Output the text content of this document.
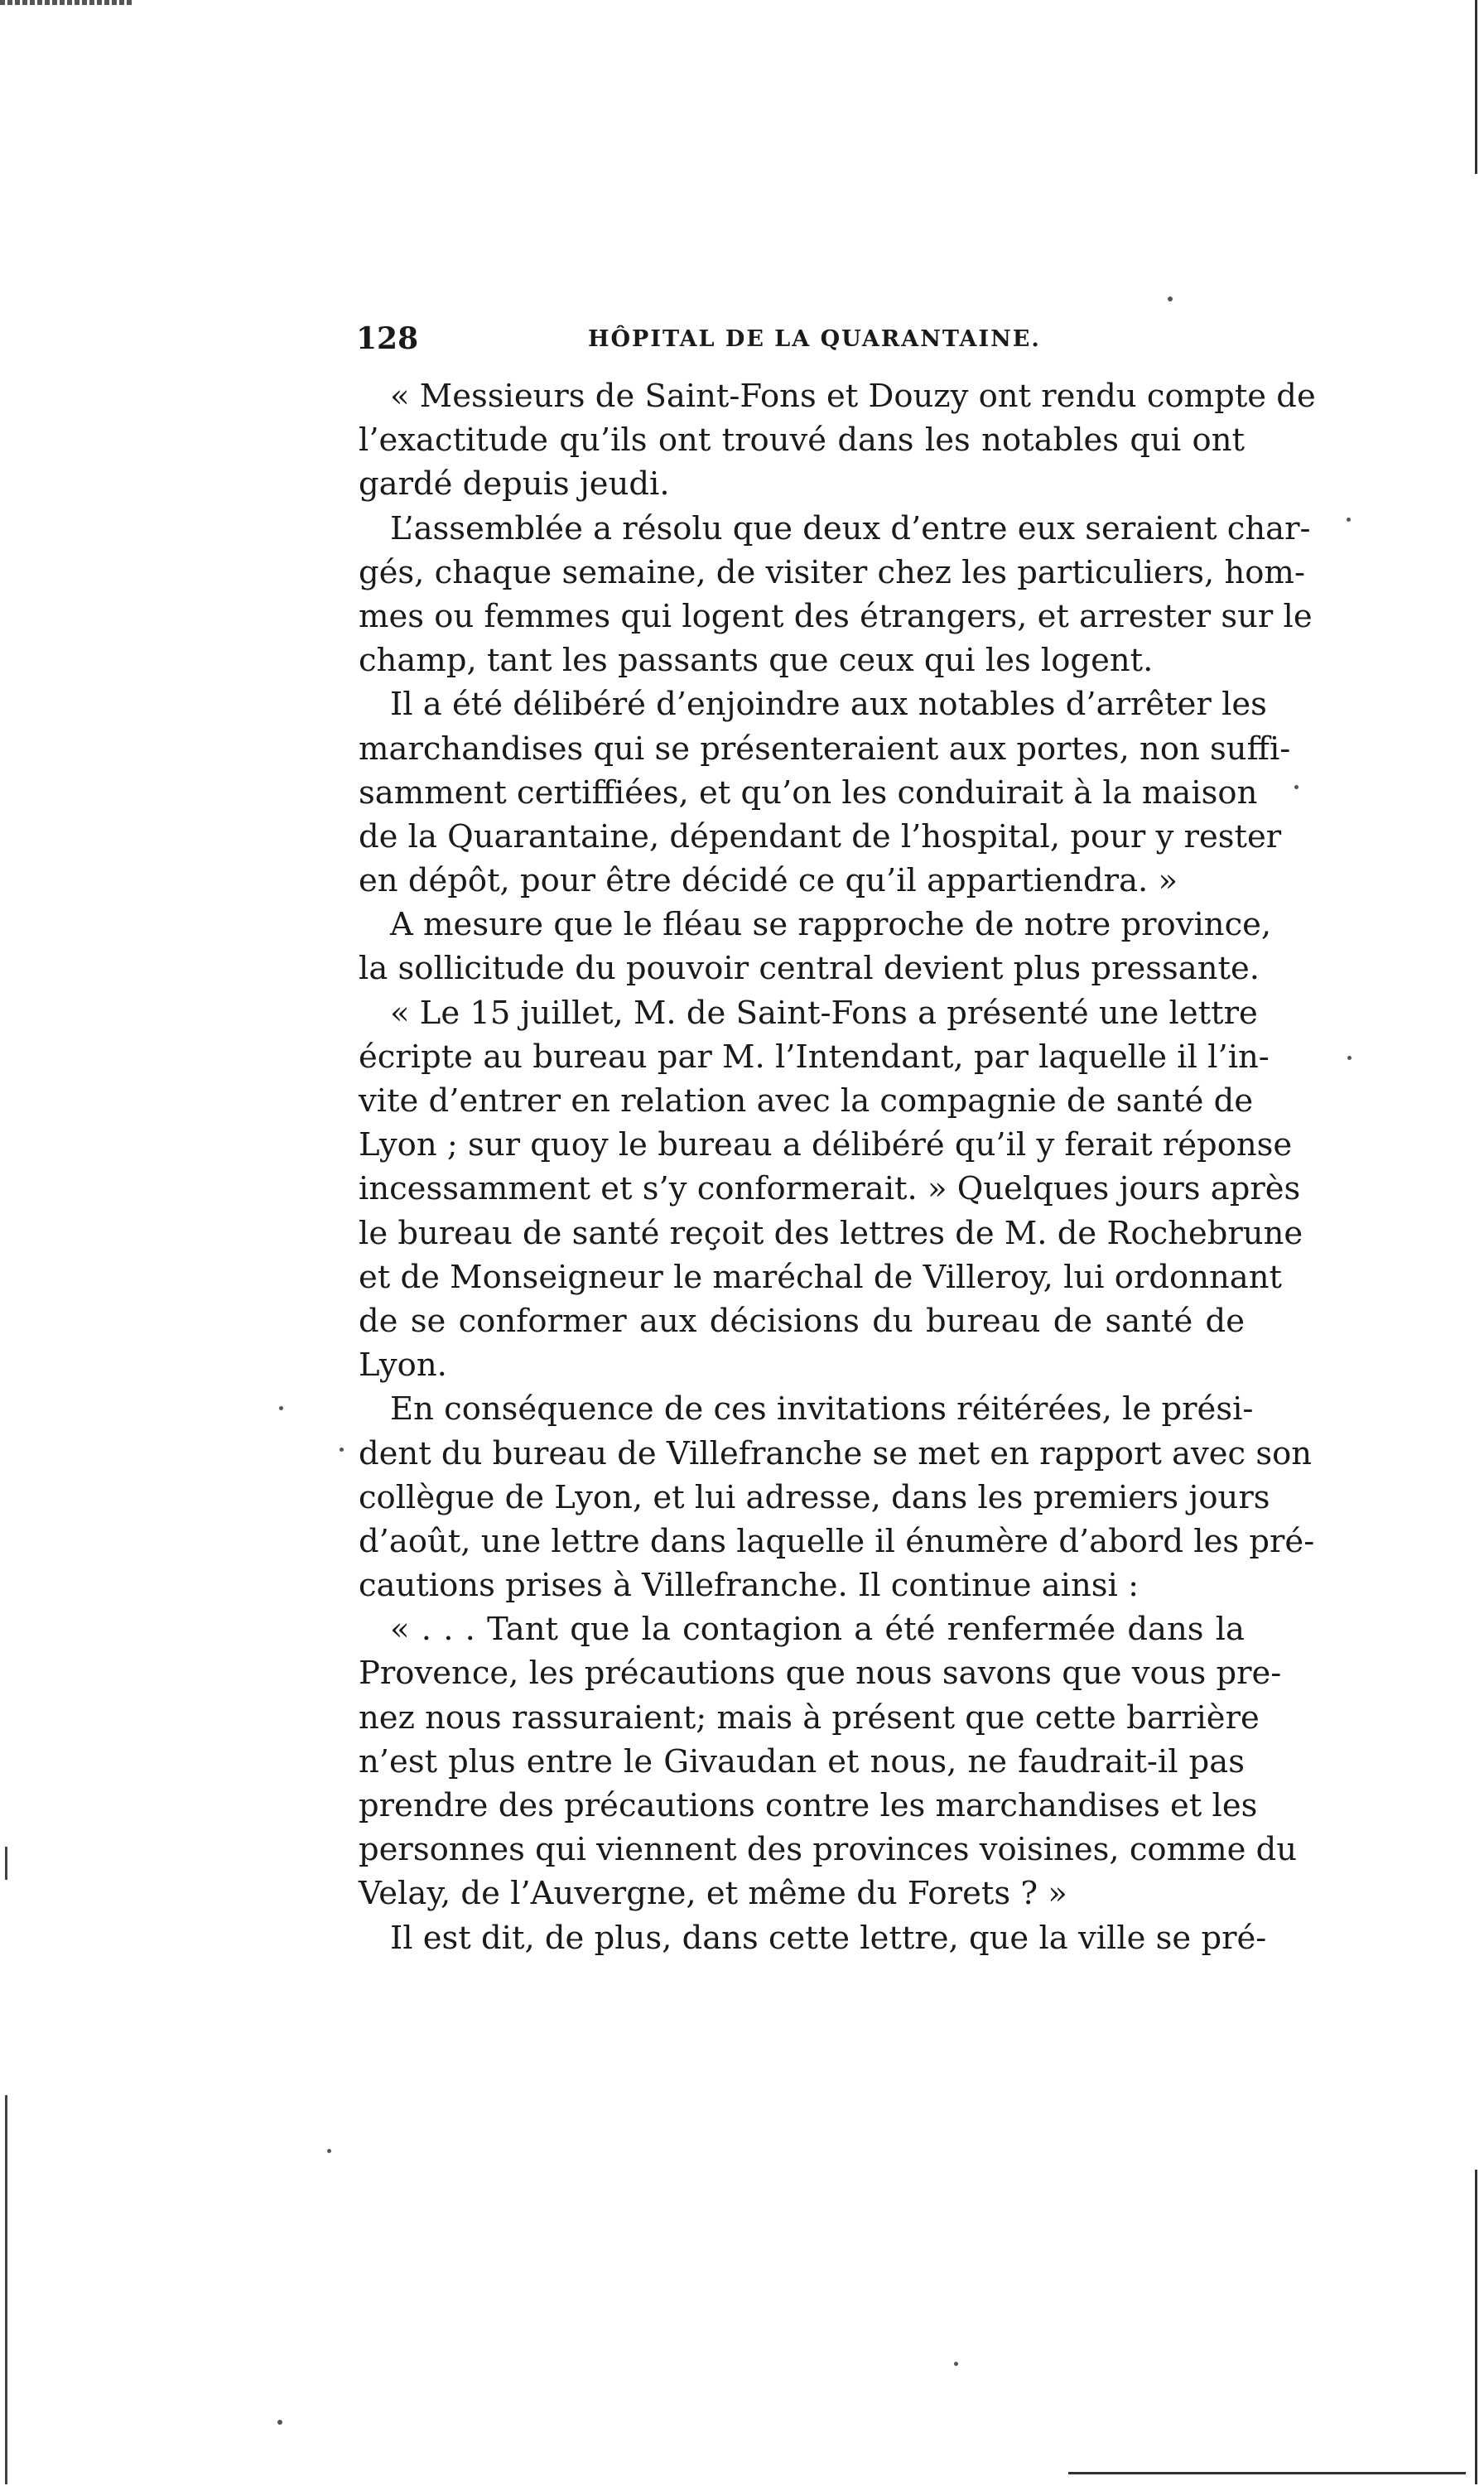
128	HÔPITAL DE LA QUARANTAINE.
« Messieurs de Saint-Fons et Douzy ont rendu compte de
l’exactitude qu’ils ont trouvé dans les notables qui ont
gardé depuis jeudi.
L’assemblée a résolu que deux d’entre eux seraient char-
gés, chaque semaine, de visiter chez les particuliers, hom-
mes ou femmes qui logent des étrangers, et arrester sur le
champ, tant les passants que ceux qui les logent.
Il a été délibéré d’enjoindre aux notables d’arrêter les
marchandises qui se présenteraient aux portes, non suffi-
samment certiffiées, et qu’on les conduirait à la maison
de la Quarantaine, dépendant de l’hospital, pour y rester
en dépôt, pour être décidé ce qu’il appartiendra. »
A mesure que le fléau se rapproche de notre province,
la sollicitude du pouvoir central devient plus pressante.
« Le 15 juillet, M. de Saint-Fons a présenté une lettre
écripte au bureau par M. l’Intendant, par laquelle il l’in-
vite d’entrer en relation avec la compagnie de santé de
Lyon ; sur quoy le bureau a délibéré qu’il y ferait réponse
incessamment et s’y conformerait. » Quelques jours après
le bureau de santé reçoit des lettres de M. de Rochebrune
et de Monseigneur le maréchal de Villeroy, lui ordonnant
de se conformer aux décisions du bureau de santé de
Lyon.
En conséquence de ces invitations réitérées, le prési-
dent du bureau de Villefranche se met en rapport avec son
collègue de Lyon, et lui adresse, dans les premiers jours
d’août, une lettre dans laquelle il énumère d’abord les pré-
cautions prises à Villefranche. Il continue ainsi :
« . . . Tant que la contagion a été renfermée dans la
Provence, les précautions que nous savons que vous pre-
nez nous rassuraient; mais à présent que cette barrière
n’est plus entre le Givaudan et nous, ne faudrait-il pas
prendre des précautions contre les marchandises et les
personnes qui viennent des provinces voisines, comme du
Velay, de l’Auvergne, et même du Forets ? »
Il est dit, de plus, dans cette lettre, que la ville se pré-
